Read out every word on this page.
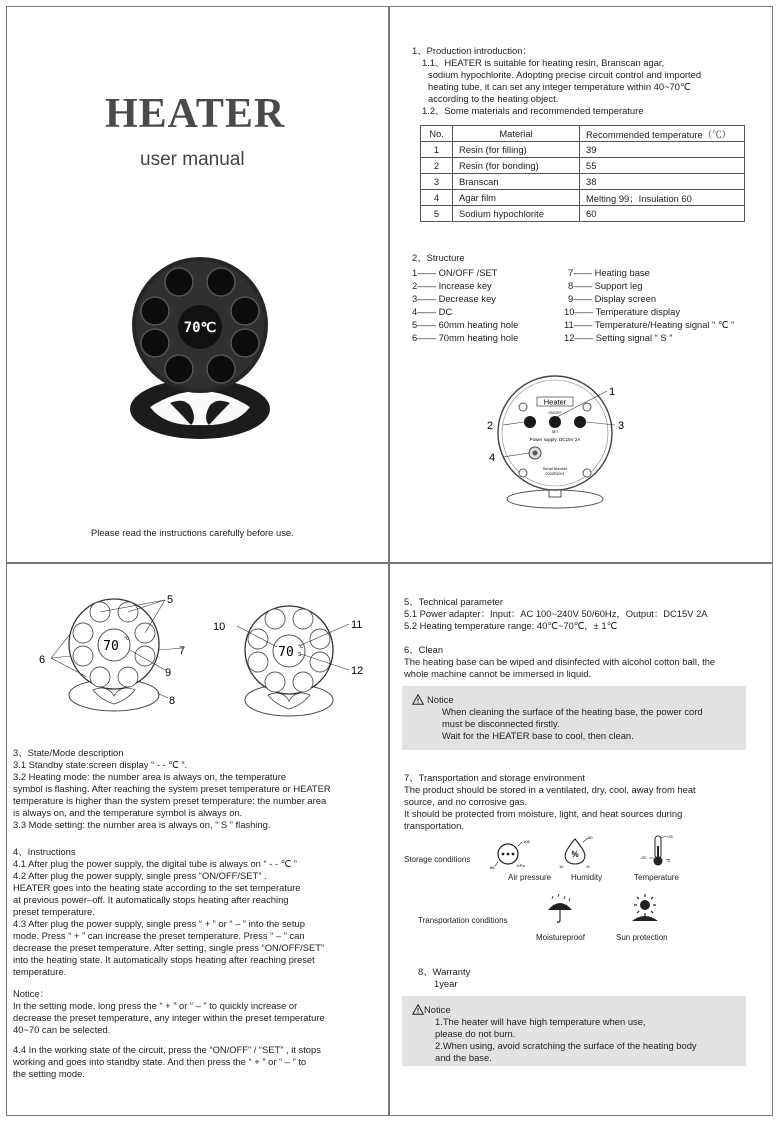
HEATER
user manual
70℃
Please read the instructions carefully before use.
1、Production introduction：
1.1、HEATER is suitable for heating resin, Branscan agar,
sodium hypochlorite. Adopting precise circuit control and imported
heating tube, it can set any integer temperature within 40~70℃
according to the heating object.
1.2、Some materials and recommended temperature
No.	Material	Recommended temperature（℃）
1	Resin (for filling)	39
2	Resin (for bonding)	55
3	Branscan	38
4	Agar film	Melting 99；Insulation 60
5	Sodium hypochlorite	60
2、Structure
1—— ON/OFF /SET
2—— Increase key
3—— Decrease key
4—— DC
5—— 60mm heating hole
6—— 70mm heating hole
7—— Heating base
8—— Support leg
9—— Display screen
10—— Temperature display
11—— Temperature/Heating signal “ ℃ ”
12—— Setting signal “ S ”
Heater
ON/OFF
SET
Power supply: DC15V 2A
Serial Number
2020F0001
1
2	3
4
70
℃
5
6
7
9
8
70 ℃
S
10	11
12
3、State/Mode description
3.1 Standby state:screen display “ - - ℃ ”.
3.2 Heating mode: the number area is always on, the temperature
symbol is flashing. After reaching the system preset temperature or HEATER
temperature is higher than the system preset temperature: the number area
is always on, and the temperature symbol is always on.
3.3 Mode setting: the number area is always on, “ S ” flashing.
4、Instructions
4.1 After plug the power supply, the digital tube is always on “ - - ℃ ”
4.2 After plug the power supply, single press “ON/OFF/SET” .
HEATER goes into the heating state according to the set temperature
at previous power–off. It automatically stops heating after reaching
preset temperature.
4.3 After plug the power supply, single press “ + ” or “ – ” into the setup
mode. Press “ + ” can increase the preset temperature. Press “ – ” can
decrease the preset temperature. After setting, single press “ON/OFF/SET”
into the heating state. It automatically stops heating after reaching preset
temperature.
Notice：
In the setting mode, long press the “ + ” or “ – ” to quickly increase or
decrease the preset temperature, any integer within the preset temperature
40~70 can be selected.
4.4 In the working state of the circuit, press the “ON/OFF” / “SET” , it stops
working and goes into standby state. And then press the “ + ” or “ – ” to
the setting mode.
5、Technical parameter
5.1 Power adapter：Input：AC 100~240V 50/60Hz，Output：DC15V 2A
5.2 Heating temperature range: 40℃~70℃，± 1℃
6、Clean
The heating base can be wiped and disinfected with alcohol cotton ball, the
whole machine cannot be immersed in liquid.
Notice
When cleaning the surface of the heating base, the power cord
must be disconnected firstly.
Wait for the HEATER base to cool, then clean.
7、Transportation and storage environment
The product should be stored in a ventilated, dry, cool, away from heat
source, and no corrosive gas.
It should be protected from moisture, light, and heat sources during
transportation.
Storage conditions
106
86	KPa
%
80
10	%
+25
-25
℃
Air pressure Humidity	Temperature
Transportation conditions
Moistureproof	Sun protection
8、Warranty
1year
Notice
1.The heater will have high temperature when use,
please do not burn.
2.When using, avoid scratching the surface of the heating body
and the base.
